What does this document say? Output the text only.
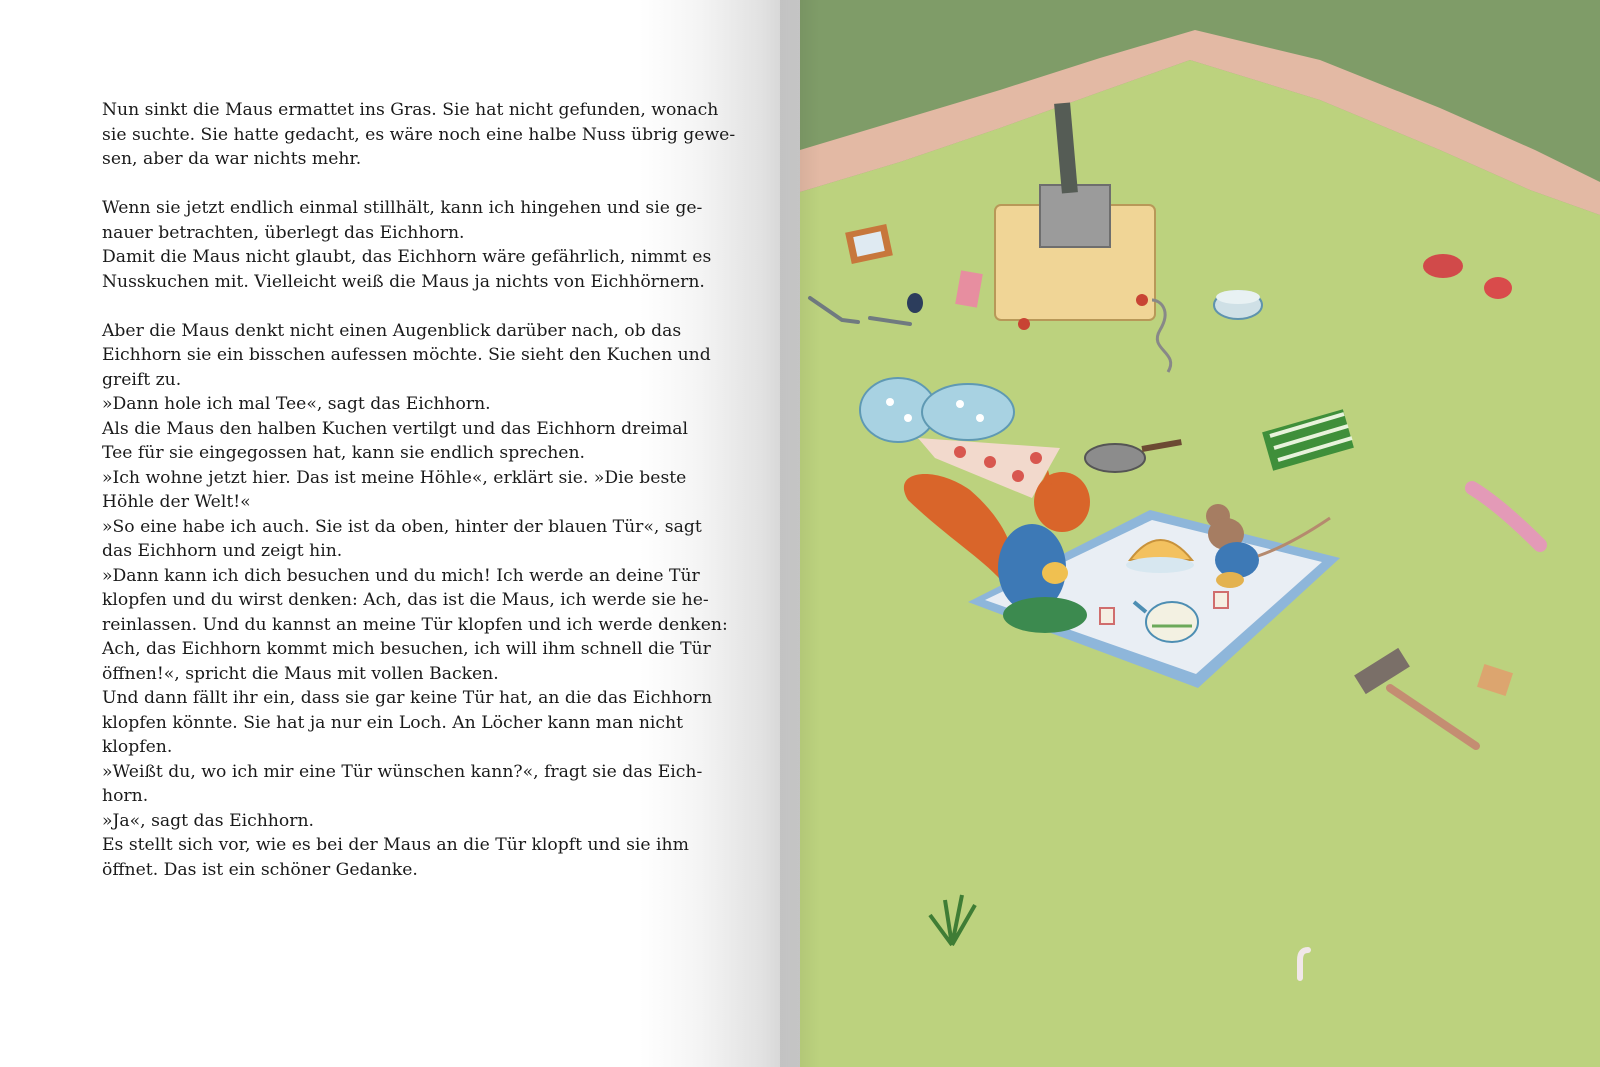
Nun sinkt die Maus ermattet ins Gras. Sie hat nicht gefunden, wonach
sie suchte. Sie hatte gedacht, es wäre noch eine halbe Nuss übrig gewe-
sen, aber da war nichts mehr.
Wenn sie jetzt endlich einmal stillhält, kann ich hingehen und sie ge-
nauer betrachten, überlegt das Eichhorn.
Damit die Maus nicht glaubt, das Eichhorn wäre gefährlich, nimmt es
Nusskuchen mit. Vielleicht weiß die Maus ja nichts von Eichhörnern.
Aber die Maus denkt nicht einen Augenblick darüber nach, ob das
Eichhorn sie ein bisschen aufessen möchte. Sie sieht den Kuchen und
greift zu.
»Dann hole ich mal Tee«, sagt das Eichhorn.
Als die Maus den halben Kuchen vertilgt und das Eichhorn dreimal
Tee für sie eingegossen hat, kann sie endlich sprechen.
»Ich wohne jetzt hier. Das ist meine Höhle«, erklärt sie. »Die beste
Höhle der Welt!«
»So eine habe ich auch. Sie ist da oben, hinter der blauen Tür«, sagt
das Eichhorn und zeigt hin.
»Dann kann ich dich besuchen und du mich! Ich werde an deine Tür
klopfen und du wirst denken: Ach, das ist die Maus, ich werde sie he-
reinlassen. Und du kannst an meine Tür klopfen und ich werde denken:
Ach, das Eichhorn kommt mich besuchen, ich will ihm schnell die Tür
öffnen!«, spricht die Maus mit vollen Backen.
Und dann fällt ihr ein, dass sie gar keine Tür hat, an die das Eichhorn
klopfen könnte. Sie hat ja nur ein Loch. An Löcher kann man nicht
klopfen.
»Weißt du, wo ich mir eine Tür wünschen kann?«, fragt sie das Eich-
horn.
»Ja«, sagt das Eichhorn.
Es stellt sich vor, wie es bei der Maus an die Tür klopft und sie ihm
öffnet. Das ist ein schöner Gedanke.
